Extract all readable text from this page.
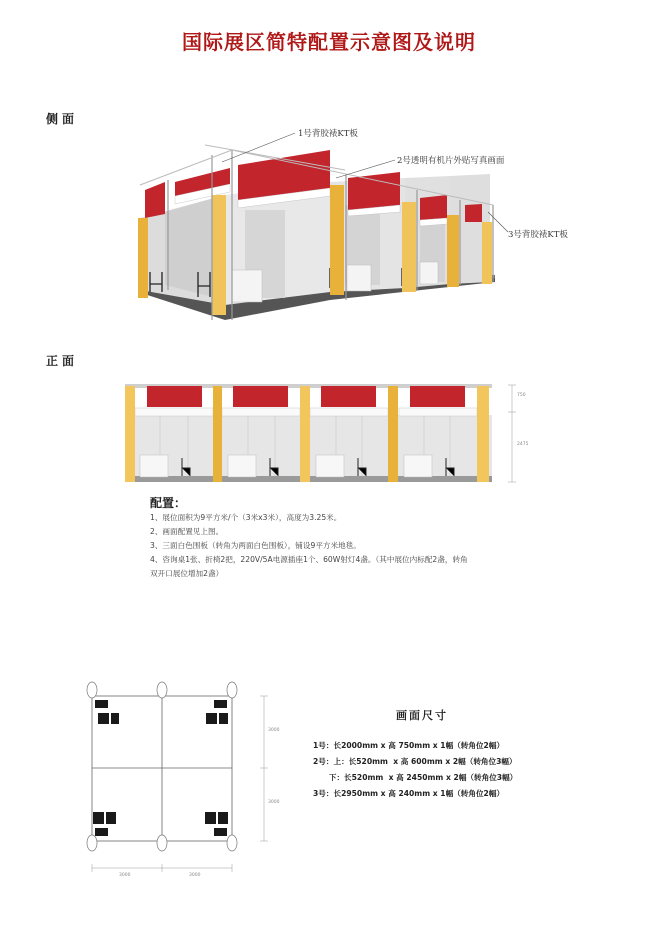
国际展区简特配置示意图及说明
侧面
1号背胶裱KT板
2号透明有机片外贴写真画面
3号背胶裱KT板
正面
750
2475
配置：
1、展位面积为9平方米/个（3米x3米），高度为3.25米。
2、画面配置见上图。
3、三面白色围板（转角为两面白色围板），铺设9平方米地毯。
4、咨询桌1张、折椅2把，220V/5A电源插座1个、60W射灯4盏。（其中展位内标配2盏，转角
双开口展位增加2盏）
3000	3000
3000
3000
画面尺寸
1号：长2000mm x 高 750mm x 1幅（转角位2幅）
2号：上：长520mm  x 高 600mm x 2幅（转角位3幅）
下：长520mm  x 高 2450mm x 2幅（转角位3幅）
3号：长2950mm x 高 240mm x 1幅（转角位2幅）
